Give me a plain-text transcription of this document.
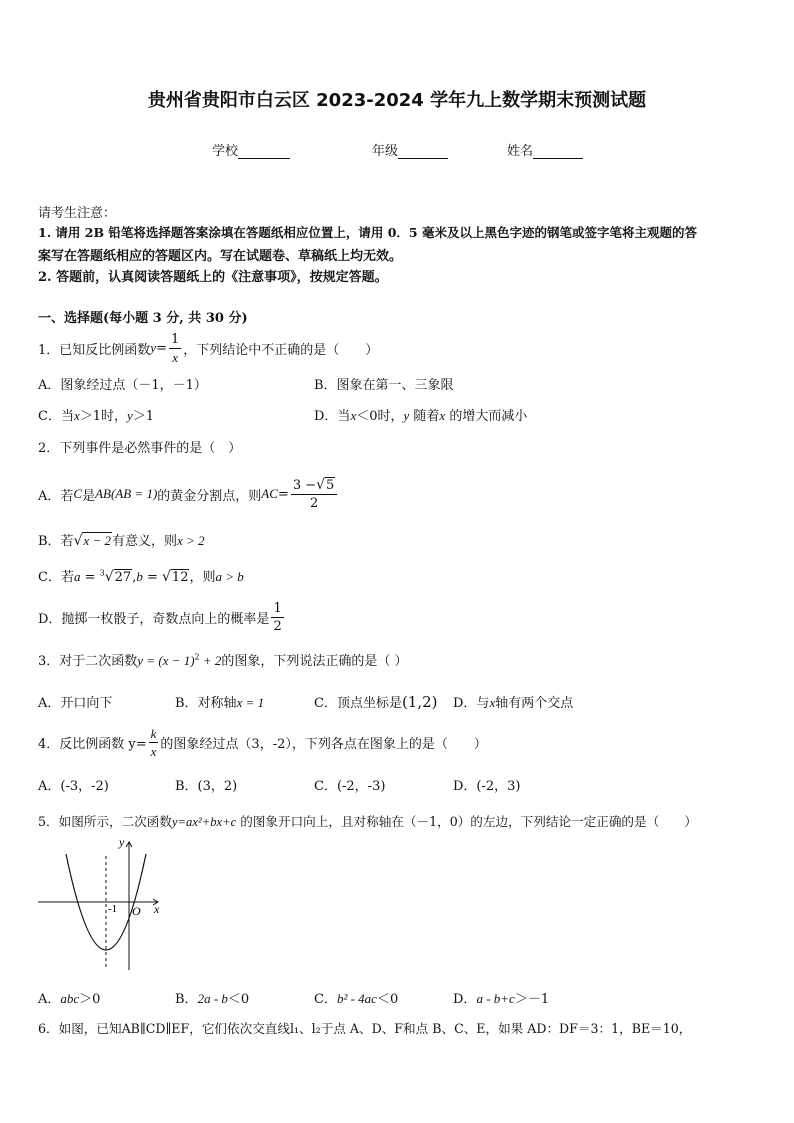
贵州省贵阳市白云区 2023-2024 学年九上数学期末预测试题
学校	年级	姓名
请考生注意：
1. 请用 2B 铅笔将选择题答案涂填在答题纸相应位置上，请用 0．5 毫米及以上黑色字迹的钢笔或签字笔将主观题的答
案写在答题纸相应的答题区内。写在试题卷、草稿纸上均无效。
2. 答题前，认真阅读答题纸上的《注意事项》，按规定答题。
一、选择题(每小题 3 分, 共 30 分)
1．已知反比例函数 $y = \frac{1}{x}$ ，下列结论中不正确的是（　　）
A．图象经过点（－1，－1）	B．图象在第一、三象限
C．当x＞1时，y＞1	D．当x＜0时，y 随着x 的增大而减小
2．下列事件是必然事件的是（　）
A．若 C 是 AB (AB = 1) 的黄金分割点，则 AC = $\frac{3 -√5}{2}$
B．若√x − 2有意义，则x > 2
C．若a = $^3$√27,b = √12，则a > b
D．抛掷一枚骰子，奇数点向上的概率是 $\frac{1}{2}$
3．对于二次函数$y = (x - 1)^2 + 2$的图象，下列说法正确的是（ ）
A．开口向下	B．对称轴x = 1	C．顶点坐标是(1,2) D．与x轴有两个交点
4．反比例函数 $y= \frac{k}{x}$ 的图象经过点（3，-2），下列各点在图象上的是（　　）
A．(-3，-2)	B．(3，2)	C．(-2，-3)	D．(-2，3)
5．如图所示，二次函数y=ax²+bx+c 的图象开口向上，且对称轴在（－1，0）的左边，下列结论一定正确的是（　　）
y
x
O
-1
A．abc＞0	B．2a - b＜0	C．b² - 4ac＜0	D．a - b+c＞－1
6．如图，已知AB∥CD∥EF，它们依次交直线l₁、l₂于点 A、D、F和点 B、C、E，如果 AD：DF＝3：1，BE＝10，
